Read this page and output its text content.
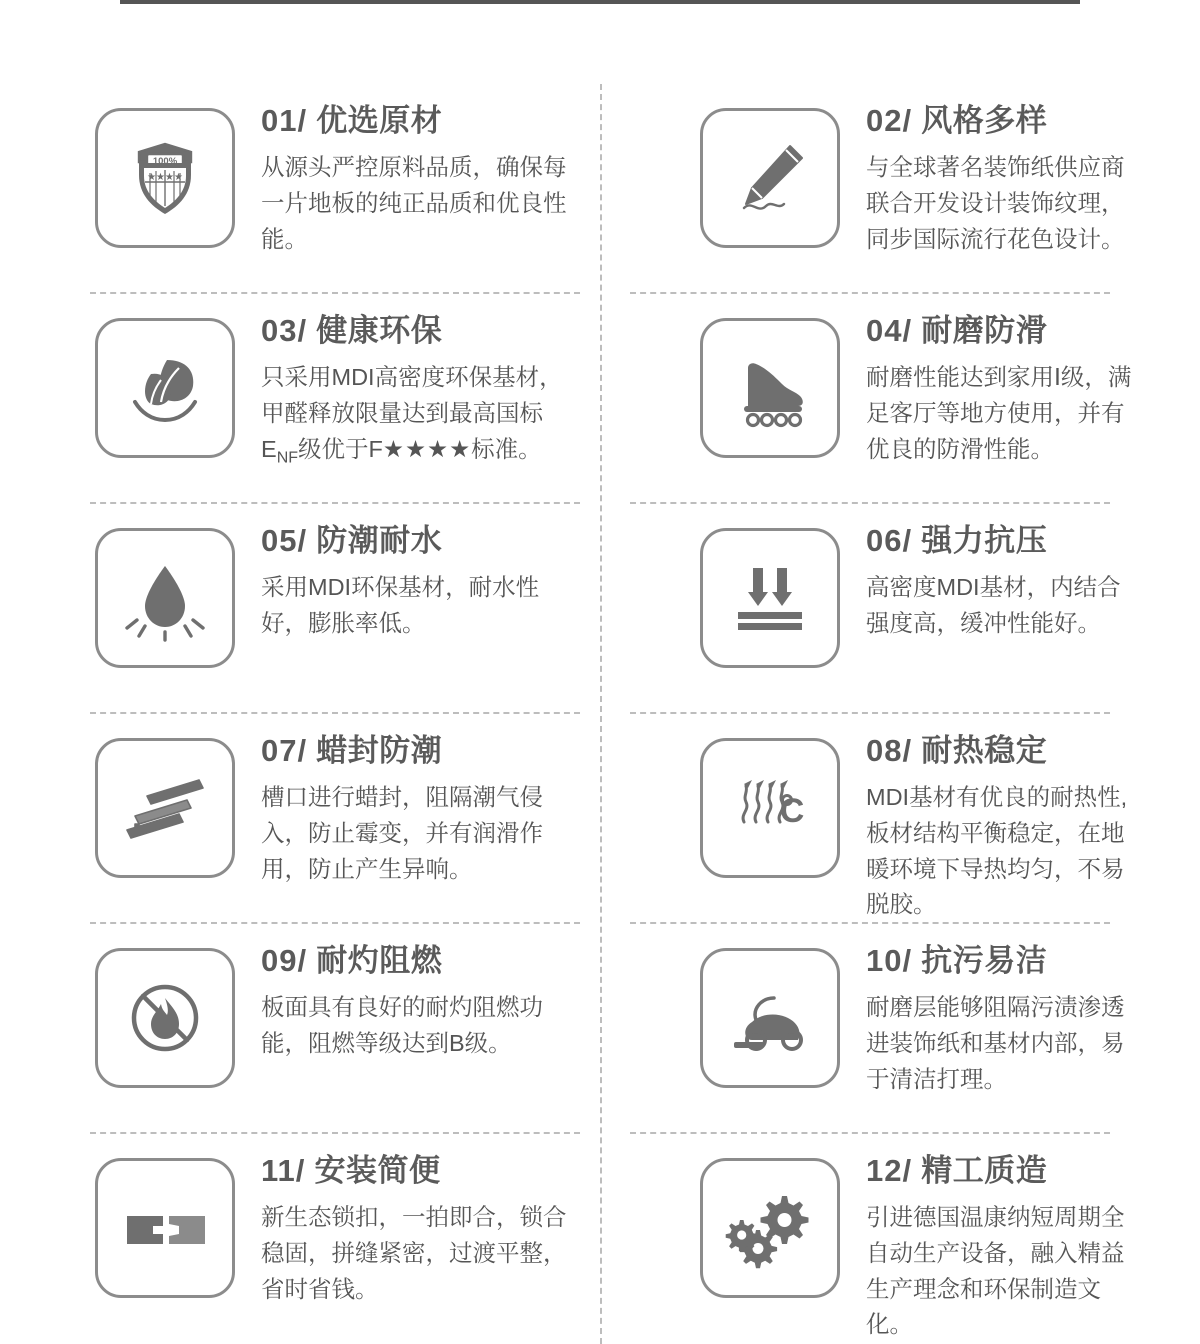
100%
★★★★
01/ 优选原材
从源头严控原料品质，确保每一片地板的纯正品质和优良性能。
02/ 风格多样
与全球著名装饰纸供应商联合开发设计装饰纹理，同步国际流行花色设计。
03/ 健康环保
只采用MDI高密度环保基材，甲醛释放限量达到最高国标$E_{NF}$级优于F★★★★标准。
04/ 耐磨防滑
耐磨性能达到家用Ⅰ级，满足客厅等地方使用，并有优良的防滑性能。
05/ 防潮耐水
采用MDI环保基材，耐水性好，膨胀率低。
06/ 强力抗压
高密度MDI基材，内结合强度高，缓冲性能好。
07/ 蜡封防潮
槽口进行蜡封，阻隔潮气侵入，防止霉变，并有润滑作用，防止产生异响。
C
08/ 耐热稳定
MDI基材有优良的耐热性,板材结构平衡稳定，在地暖环境下导热均匀，不易脱胶。
09/ 耐灼阻燃
板面具有良好的耐灼阻燃功能，阻燃等级达到B级。
10/ 抗污易洁
耐磨层能够阻隔污渍渗透进装饰纸和基材内部，易于清洁打理。
11/ 安装简便
新生态锁扣，一拍即合，锁合稳固，拼缝紧密，过渡平整，省时省钱。
12/ 精工质造
引进德国温康纳短周期全自动生产设备，融入精益生产理念和环保制造文化。
